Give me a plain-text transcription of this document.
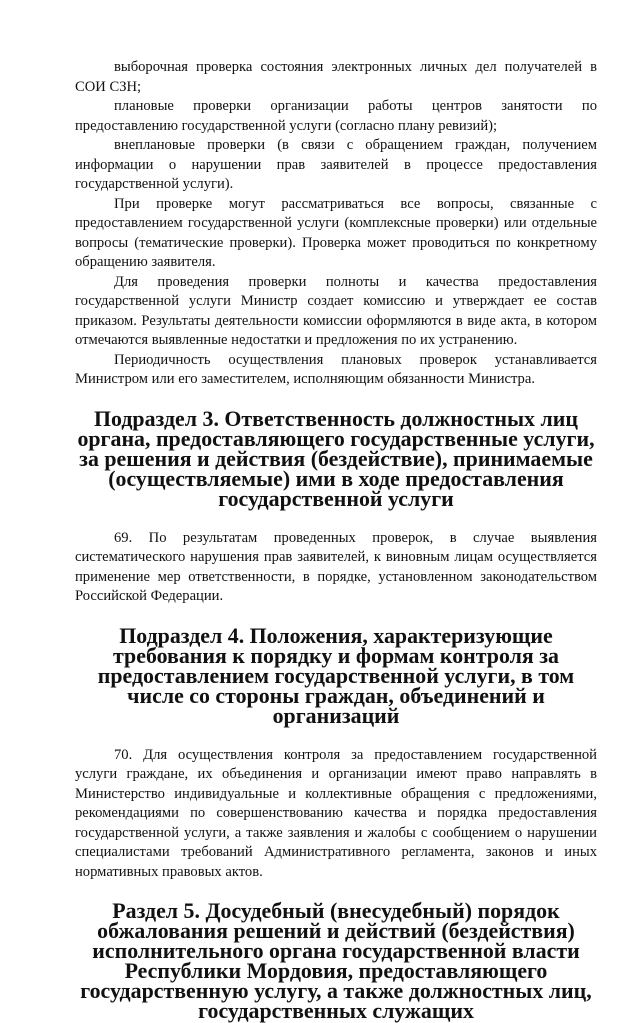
выборочная проверка состояния электронных личных дел получателей в СОИ СЗН;

плановые проверки организации работы центров занятости по предоставлению государственной услуги (согласно плану ревизий);

внеплановые проверки (в связи с обращением граждан, получением информации о нарушении прав заявителей в процессе предоставления государственной услуги).

При проверке могут рассматриваться все вопросы, связанные с предоставлением государственной услуги (комплексные проверки) или отдельные вопросы (тематические проверки). Проверка может проводиться по конкретному обращению заявителя.

Для проведения проверки полноты и качества предоставления государственной услуги Министр создает комиссию и утверждает ее состав приказом. Результаты деятельности комиссии оформляются в виде акта, в котором отмечаются выявленные недостатки и предложения по их устранению.

Периодичность осуществления плановых проверок устанавливается Министром или его заместителем, исполняющим обязанности Министра.

Подраздел 3. Ответственность должностных лиц органа, предоставляющего государственные услуги, за решения и действия (бездействие), принимаемые (осуществляемые) ими в ходе предоставления государственной услуги

69. По результатам проведенных проверок, в случае выявления систематического нарушения прав заявителей, к виновным лицам осуществляется применение мер ответственности, в порядке, установленном законодательством Российской Федерации.

Подраздел 4. Положения, характеризующие требования к порядку и формам контроля за предоставлением государственной услуги, в том числе со стороны граждан, объединений и организаций

70. Для осуществления контроля за предоставлением государственной услуги граждане, их объединения и организации имеют право направлять в Министерство индивидуальные и коллективные обращения с предложениями, рекомендациями по совершенствованию качества и порядка предоставления государственной услуги, а также заявления и жалобы с сообщением о нарушении специалистами требований Административного регламента, законов и иных нормативных правовых актов.

Раздел 5. Досудебный (внесудебный) порядок обжалования решений и действий (бездействия) исполнительного органа государственной власти Республики Мордовия, предоставляющего государственную услугу, а также должностных лиц, государственных служащих
